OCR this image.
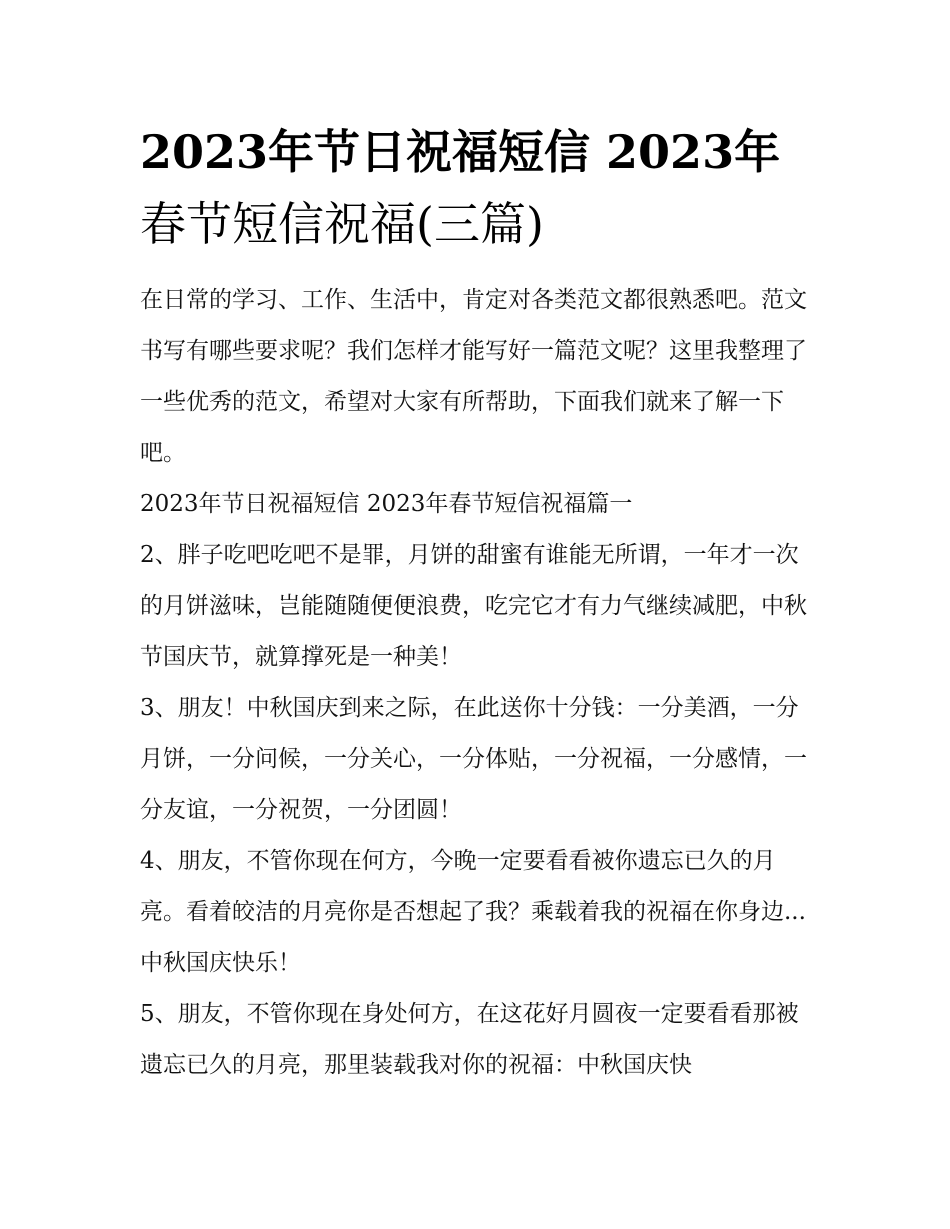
2023年节日祝福短信 2023年
春节短信祝福(三篇)

在日常的学习、工作、生活中，肯定对各类范文都很熟悉吧。范文书写有哪些要求呢？我们怎样才能写好一篇范文呢？这里我整理了一些优秀的范文，希望对大家有所帮助，下面我们就来了解一下吧。

2023年节日祝福短信 2023年春节短信祝福篇一

2、胖子吃吧吃吧不是罪，月饼的甜蜜有谁能无所谓，一年才一次的月饼滋味，岂能随随便便浪费，吃完它才有力气继续减肥，中秋节国庆节，就算撑死是一种美！

3、朋友！中秋国庆到来之际，在此送你十分钱：一分美酒，一分月饼，一分问候，一分关心，一分体贴，一分祝福，一分感情，一分友谊，一分祝贺，一分团圆！

4、朋友，不管你现在何方，今晚一定要看看被你遗忘已久的月亮。看着皎洁的月亮你是否想起了我？乘载着我的祝福在你身边...中秋国庆快乐！

5、朋友，不管你现在身处何方，在这花好月圆夜一定要看看那被遗忘已久的月亮，那里装载我对你的祝福：中秋国庆快
